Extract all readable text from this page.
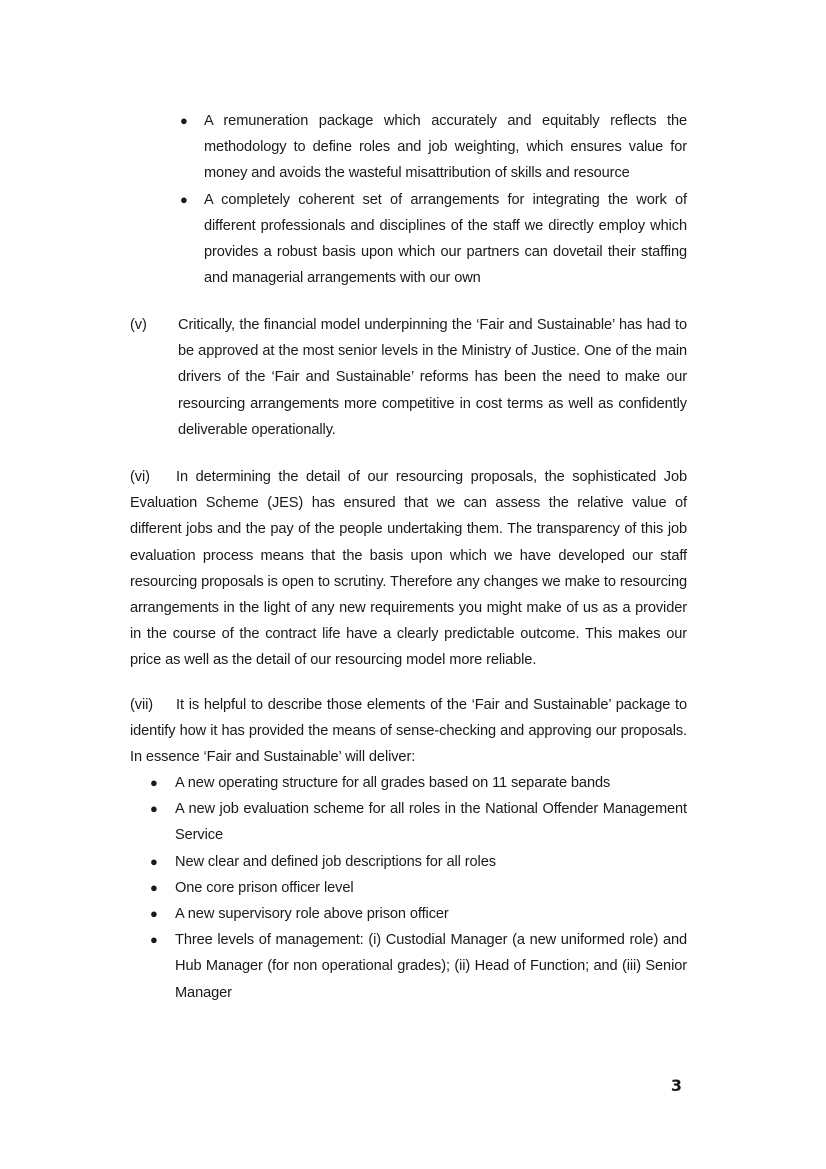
● A remuneration package which accurately and equitably reflects the methodology to define roles and job weighting, which ensures value for money and avoids the wasteful misattribution of skills and resource
● A completely coherent set of arrangements for integrating the work of different professionals and disciplines of the staff we directly employ which provides a robust basis upon which our partners can dovetail their staffing and managerial arrangements with our own
(v) Critically, the financial model underpinning the ‘Fair and Sustainable’ has had to be approved at the most senior levels in the Ministry of Justice. One of the main drivers of the ‘Fair and Sustainable’ reforms has been the need to make our resourcing arrangements more competitive in cost terms as well as confidently deliverable operationally.
(vi) In determining the detail of our resourcing proposals, the sophisticated Job Evaluation Scheme (JES) has ensured that we can assess the relative value of different jobs and the pay of the people undertaking them. The transparency of this job evaluation process means that the basis upon which we have developed our staff resourcing proposals is open to scrutiny. Therefore any changes we make to resourcing arrangements in the light of any new requirements you might make of us as a provider in the course of the contract life have a clearly predictable outcome. This makes our price as well as the detail of our resourcing model more reliable.
(vii) It is helpful to describe those elements of the ‘Fair and Sustainable’ package to identify how it has provided the means of sense-checking and approving our proposals. In essence ‘Fair and Sustainable’ will deliver:
● A new operating structure for all grades based on 11 separate bands
● A new job evaluation scheme for all roles in the National Offender Management Service
● New clear and defined job descriptions for all roles
● One core prison officer level
● A new supervisory role above prison officer
● Three levels of management: (i) Custodial Manager (a new uniformed role) and Hub Manager (for non operational grades); (ii) Head of Function; and (iii) Senior Manager
3
